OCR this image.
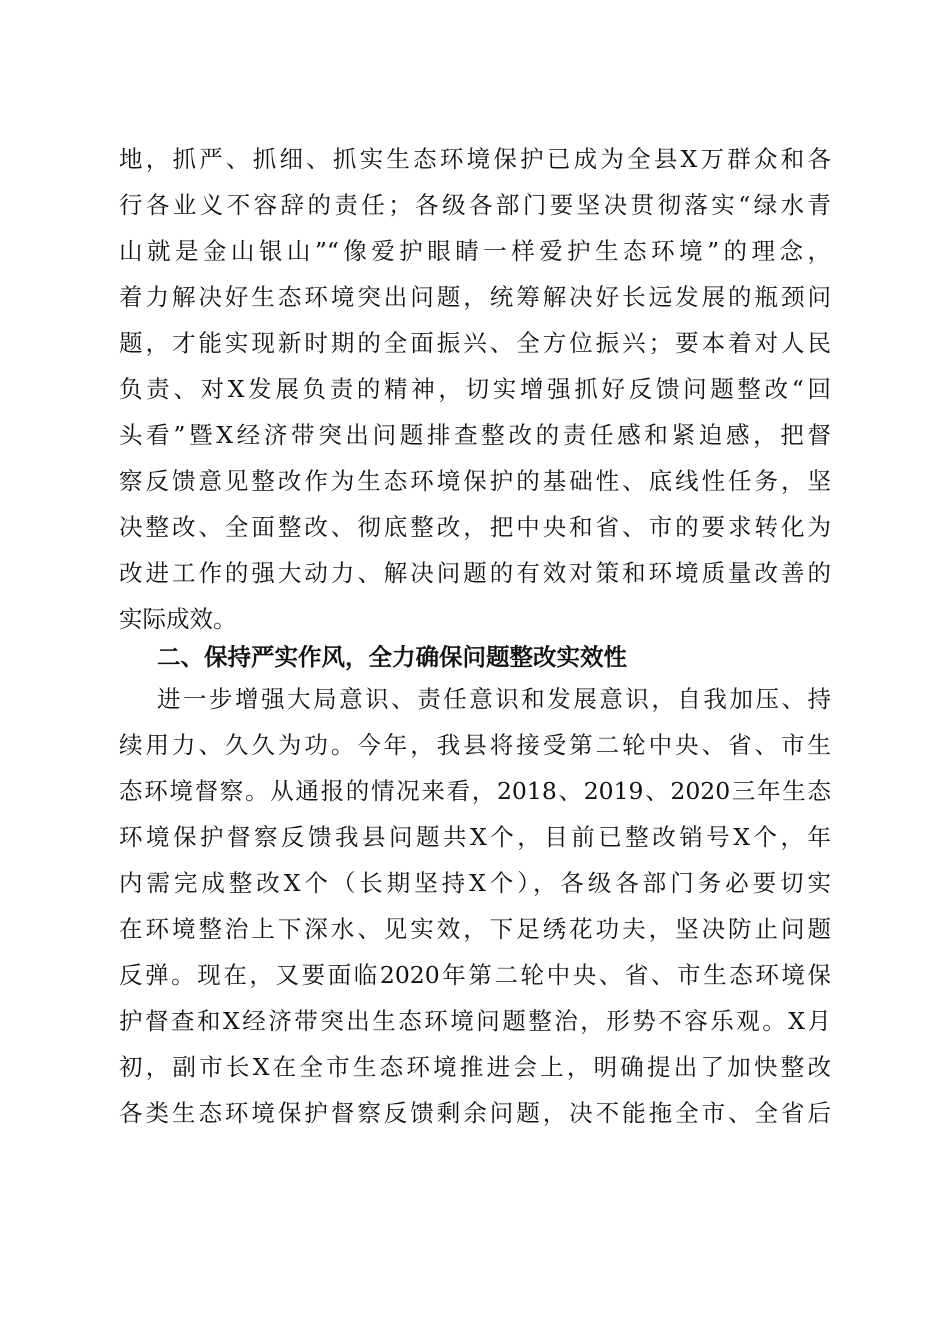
地，抓严、抓细、抓实生态环境保护已成为全县X万群众和各
行各业义不容辞的责任；各级各部门要坚决贯彻落实“绿水青
山就是金山银山”“像爱护眼睛一样爱护生态环境”的理念，
着力解决好生态环境突出问题，统筹解决好长远发展的瓶颈问
题，才能实现新时期的全面振兴、全方位振兴；要本着对人民
负责、对X发展负责的精神，切实增强抓好反馈问题整改“回
头看”暨X经济带突出问题排查整改的责任感和紧迫感，把督
察反馈意见整改作为生态环境保护的基础性、底线性任务，坚
决整改、全面整改、彻底整改，把中央和省、市的要求转化为
改进工作的强大动力、解决问题的有效对策和环境质量改善的
实际成效。
二、保持严实作风，全力确保问题整改实效性
进一步增强大局意识、责任意识和发展意识，自我加压、持
续用力、久久为功。今年，我县将接受第二轮中央、省、市生
态环境督察。从通报的情况来看，2018、2019、2020三年生态
环境保护督察反馈我县问题共X个，目前已整改销号X个，年
内需完成整改X个（长期坚持X个），各级各部门务必要切实
在环境整治上下深水、见实效，下足绣花功夫，坚决防止问题
反弹。现在，又要面临2020年第二轮中央、省、市生态环境保
护督查和X经济带突出生态环境问题整治，形势不容乐观。X月
初，副市长X在全市生态环境推进会上，明确提出了加快整改
各类生态环境保护督察反馈剩余问题，决不能拖全市、全省后
